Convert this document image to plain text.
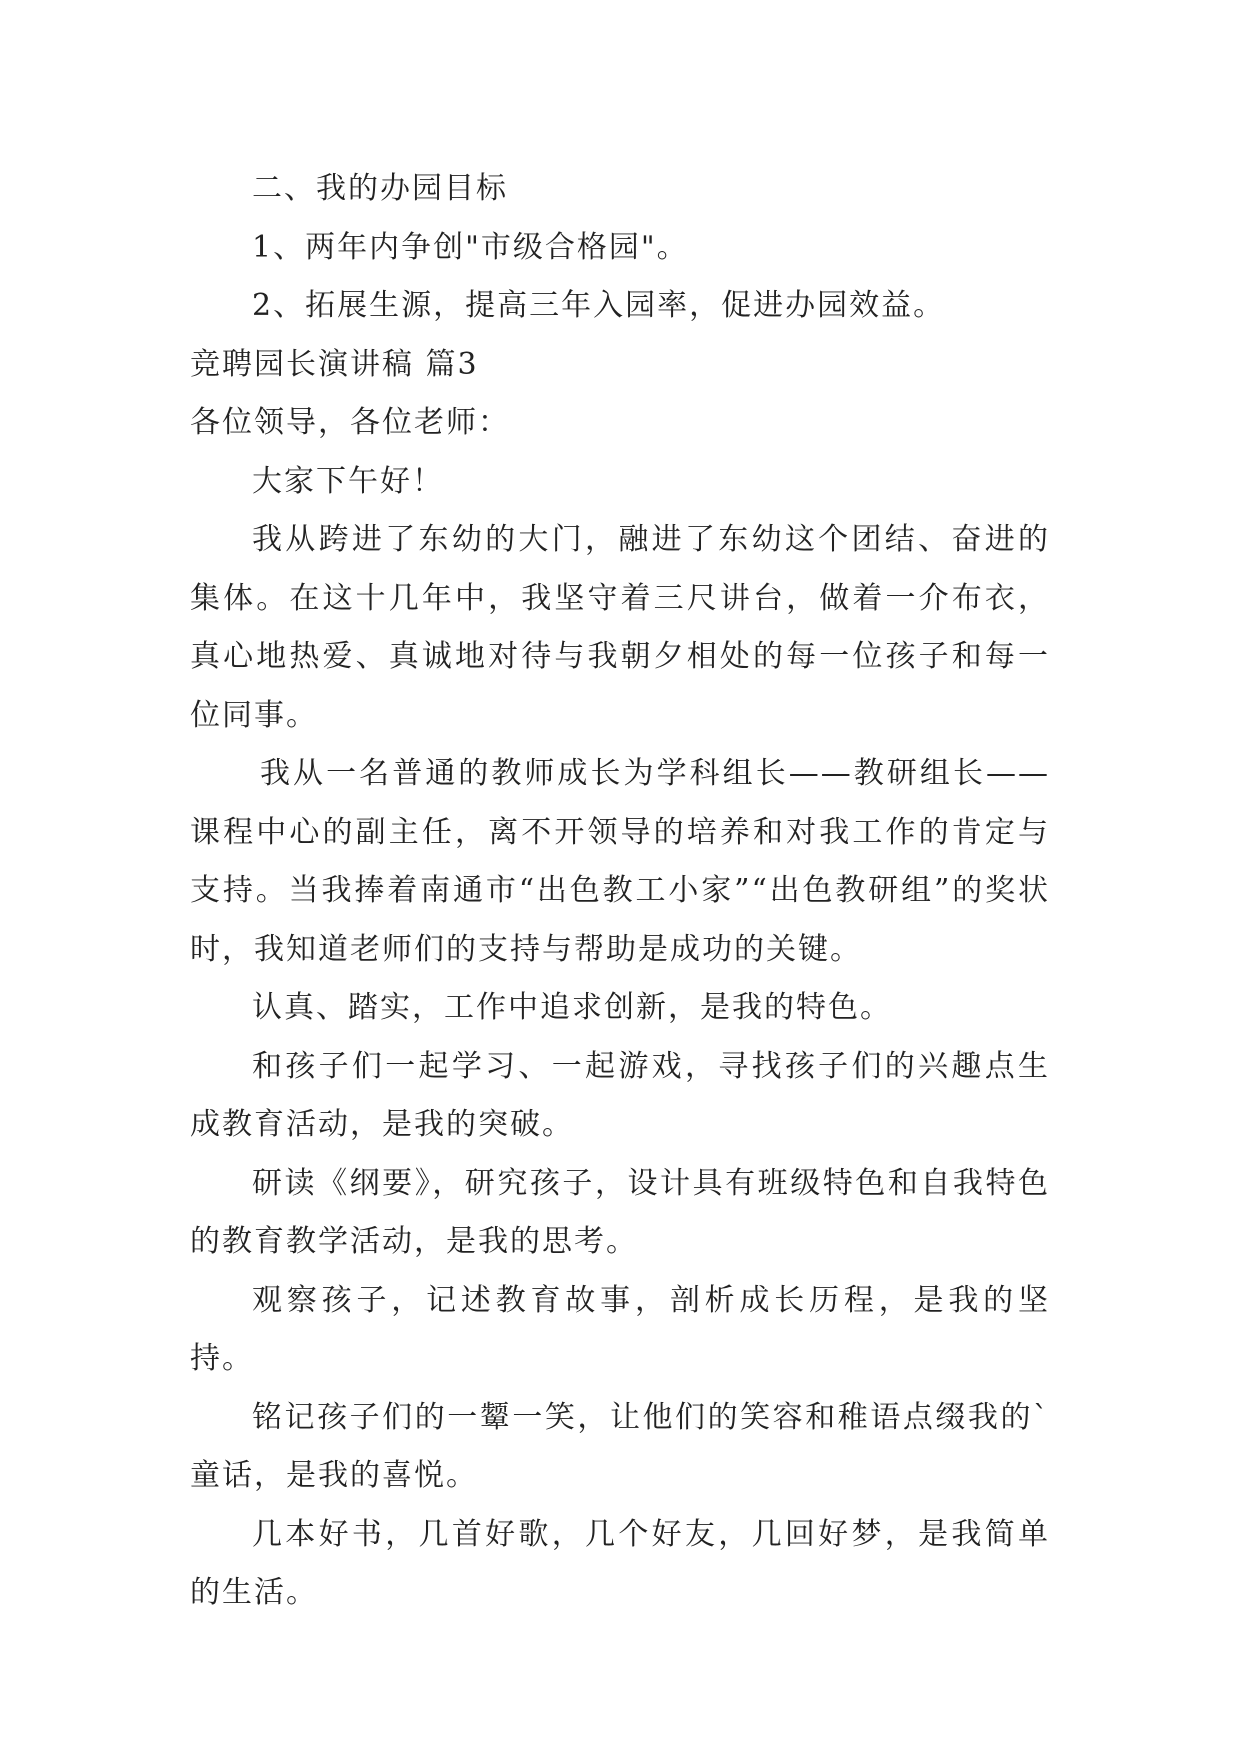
二、我的办园目标

1、两年内争创"市级合格园"。

2、拓展生源，提高三年入园率，促进办园效益。

竞聘园长演讲稿 篇3

各位领导，各位老师：

大家下午好！

我从跨进了东幼的大门，融进了东幼这个团结、奋进的集体。在这十几年中，我坚守着三尺讲台，做着一介布衣，真心地热爱、真诚地对待与我朝夕相处的每一位孩子和每一位同事。

我从一名普通的教师成长为学科组长——教研组长——课程中心的副主任，离不开领导的培养和对我工作的肯定与支持。当我捧着南通市“出色教工小家”“出色教研组”的奖状时，我知道老师们的支持与帮助是成功的关键。

认真、踏实，工作中追求创新，是我的特色。

和孩子们一起学习、一起游戏，寻找孩子们的兴趣点生成教育活动，是我的突破。

研读《纲要》，研究孩子，设计具有班级特色和自我特色的教育教学活动，是我的思考。

观察孩子，记述教育故事，剖析成长历程，是我的坚持。

铭记孩子们的一颦一笑，让他们的笑容和稚语点缀我的`童话，是我的喜悦。

几本好书，几首好歌，几个好友，几回好梦，是我简单的生活。
